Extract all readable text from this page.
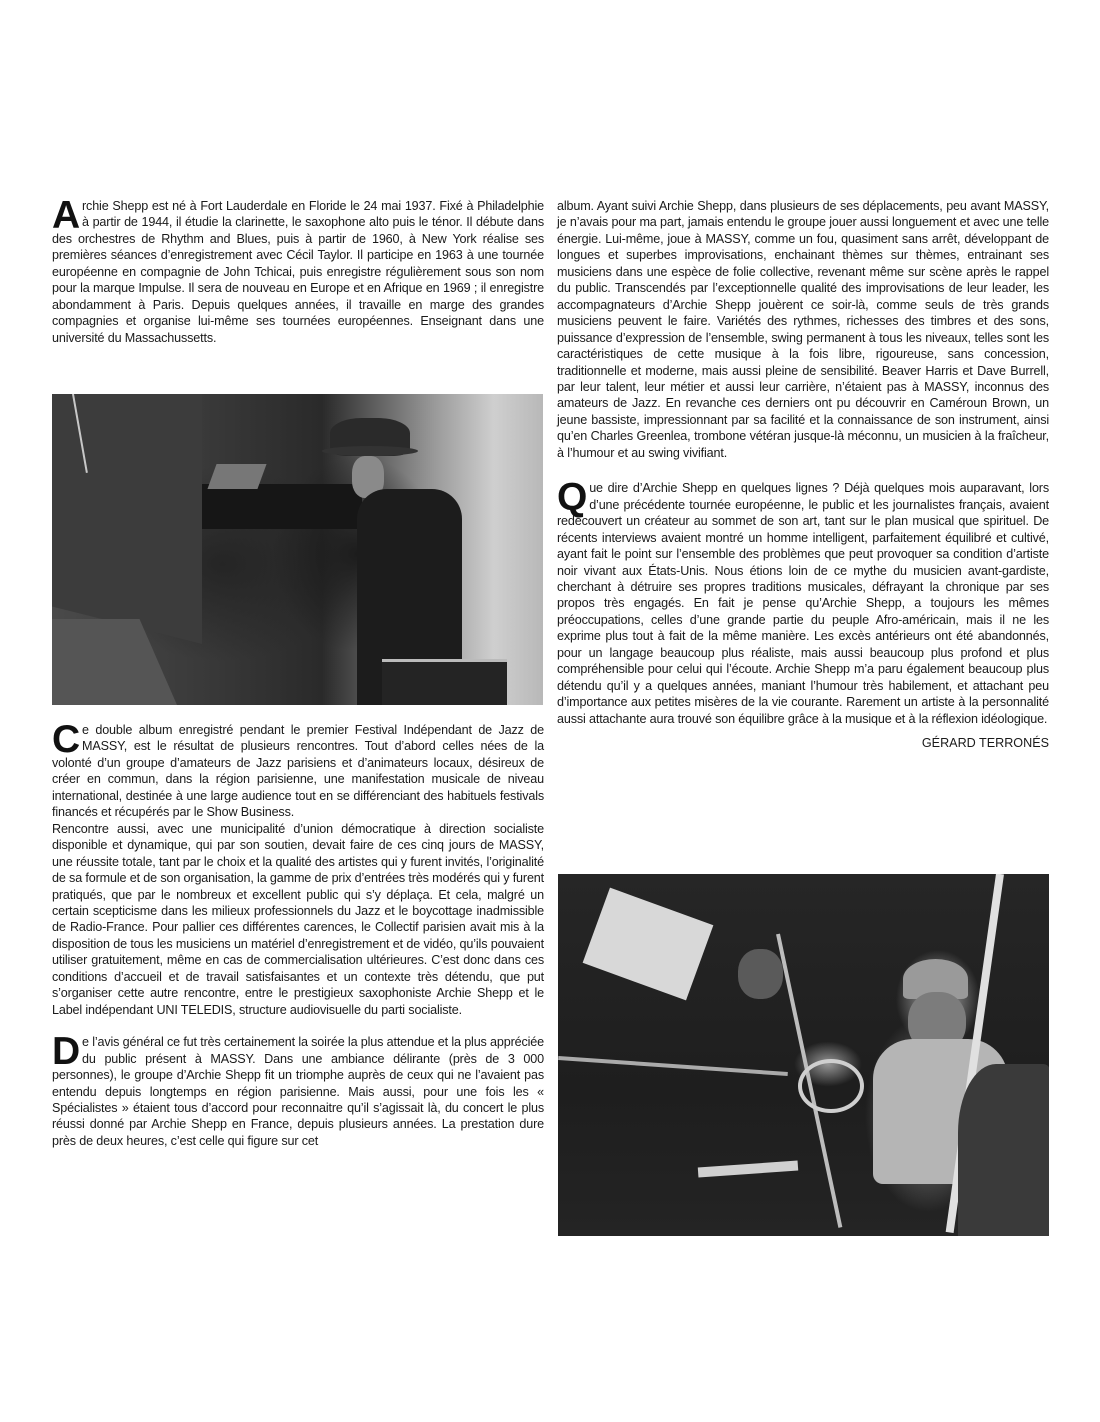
Archie Shepp est né à Fort Lauderdale en Floride le 24 mai 1937. Fixé à Philadelphie à partir de 1944, il étudie la clarinette, le saxophone alto puis le ténor. Il débute dans des orchestres de Rhythm and Blues, puis à partir de 1960, à New York réalise ses premières séances d’enregistrement avec Cécil Taylor. Il participe en 1963 à une tournée européenne en compagnie de John Tchicai, puis enregistre régulièrement sous son nom pour la marque Impulse. Il sera de nouveau en Europe et en Afrique en 1969 ; il enregistre abondamment à Paris. Depuis quelques années, il travaille en marge des grandes compagnies et organise lui-même ses tournées européennes. Enseignant dans une université du Massachussetts.

Ce double album enregistré pendant le premier Festival Indépendant de Jazz de MASSY, est le résultat de plusieurs rencontres. Tout d’abord celles nées de la volonté d’un groupe d’amateurs de Jazz parisiens et d’animateurs locaux, désireux de créer en commun, dans la région parisienne, une manifestation musicale de niveau international, destinée à une large audience tout en se différenciant des habituels festivals financés et récupérés par le Show Business.

Rencontre aussi, avec une municipalité d’union démocratique à direction socialiste disponible et dynamique, qui par son soutien, devait faire de ces cinq jours de MASSY, une réussite totale, tant par le choix et la qualité des artistes qui y furent invités, l’originalité de sa formule et de son organisation, la gamme de prix d’entrées très modérés qui y furent pratiqués, que par le nombreux et excellent public qui s’y déplaça. Et cela, malgré un certain scepticisme dans les milieux professionnels du Jazz et le boycottage inadmissible de Radio-France. Pour pallier ces différentes carences, le Collectif parisien avait mis à la disposition de tous les musiciens un matériel d’enregistrement et de vidéo, qu’ils pouvaient utiliser gratuitement, même en cas de commercialisation ultérieures. C’est donc dans ces conditions d’accueil et de travail satisfaisantes et un contexte très détendu, que put s’organiser cette autre rencontre, entre le prestigieux saxophoniste Archie Shepp et le Label indépendant UNI TELEDIS, structure audiovisuelle du parti socialiste.

De l’avis général ce fut très certainement la soirée la plus attendue et la plus appréciée du public présent à MASSY. Dans une ambiance délirante (près de 3 000 personnes), le groupe d’Archie Shepp fit un triomphe auprès de ceux qui ne l’avaient pas entendu depuis longtemps en région parisienne. Mais aussi, pour une fois les « Spécialistes » étaient tous d’accord pour reconnaitre qu’il s’agissait là, du concert le plus réussi donné par Archie Shepp en France, depuis plusieurs années. La prestation dure près de deux heures, c’est celle qui figure sur cet

album. Ayant suivi Archie Shepp, dans plusieurs de ses déplacements, peu avant MASSY, je n’avais pour ma part, jamais entendu le groupe jouer aussi longuement et avec une telle énergie. Lui-même, joue à MASSY, comme un fou, quasiment sans arrêt, développant de longues et superbes improvisations, enchainant thèmes sur thèmes, entrainant ses musiciens dans une espèce de folie collective, revenant même sur scène après le rappel du public. Transcendés par l’exceptionnelle qualité des improvisations de leur leader, les accompagnateurs d’Archie Shepp jouèrent ce soir-là, comme seuls de très grands musiciens peuvent le faire. Variétés des rythmes, richesses des timbres et des sons, puissance d’expression de l’ensemble, swing permanent à tous les niveaux, telles sont les caractéristiques de cette musique à la fois libre, rigoureuse, sans concession, traditionnelle et moderne, mais aussi pleine de sensibilité. Beaver Harris et Dave Burrell, par leur talent, leur métier et aussi leur carrière, n’étaient pas à MASSY, inconnus des amateurs de Jazz. En revanche ces derniers ont pu découvrir en Caméroun Brown, un jeune bassiste, impressionnant par sa facilité et la connaissance de son instrument, ainsi qu’en Charles Greenlea, trombone vétéran jusque-là méconnu, un musicien à la fraîcheur, à l’humour et au swing vivifiant.

Que dire d’Archie Shepp en quelques lignes ? Déjà quelques mois auparavant, lors d’une précédente tournée européenne, le public et les journalistes français, avaient redécouvert un créateur au sommet de son art, tant sur le plan musical que spirituel. De récents interviews avaient montré un homme intelligent, parfaitement équilibré et cultivé, ayant fait le point sur l’ensemble des problèmes que peut provoquer sa condition d’artiste noir vivant aux États-Unis. Nous étions loin de ce mythe du musicien avant-gardiste, cherchant à détruire ses propres traditions musicales, défrayant la chronique par ses propos très engagés. En fait je pense qu’Archie Shepp, a toujours les mêmes préoccupations, celles d’une grande partie du peuple Afro-américain, mais il ne les exprime plus tout à fait de la même manière. Les excès antérieurs ont été abandonnés, pour un langage beaucoup plus réaliste, mais aussi beaucoup plus profond et plus compréhensible pour celui qui l’écoute. Archie Shepp m’a paru également beaucoup plus détendu qu’il y a quelques années, maniant l’humour très habilement, et attachant peu d’importance aux petites misères de la vie courante. Rarement un artiste à la personnalité aussi attachante aura trouvé son équilibre grâce à la musique et à la réflexion idéologique.

GÉRARD TERRONÉS
